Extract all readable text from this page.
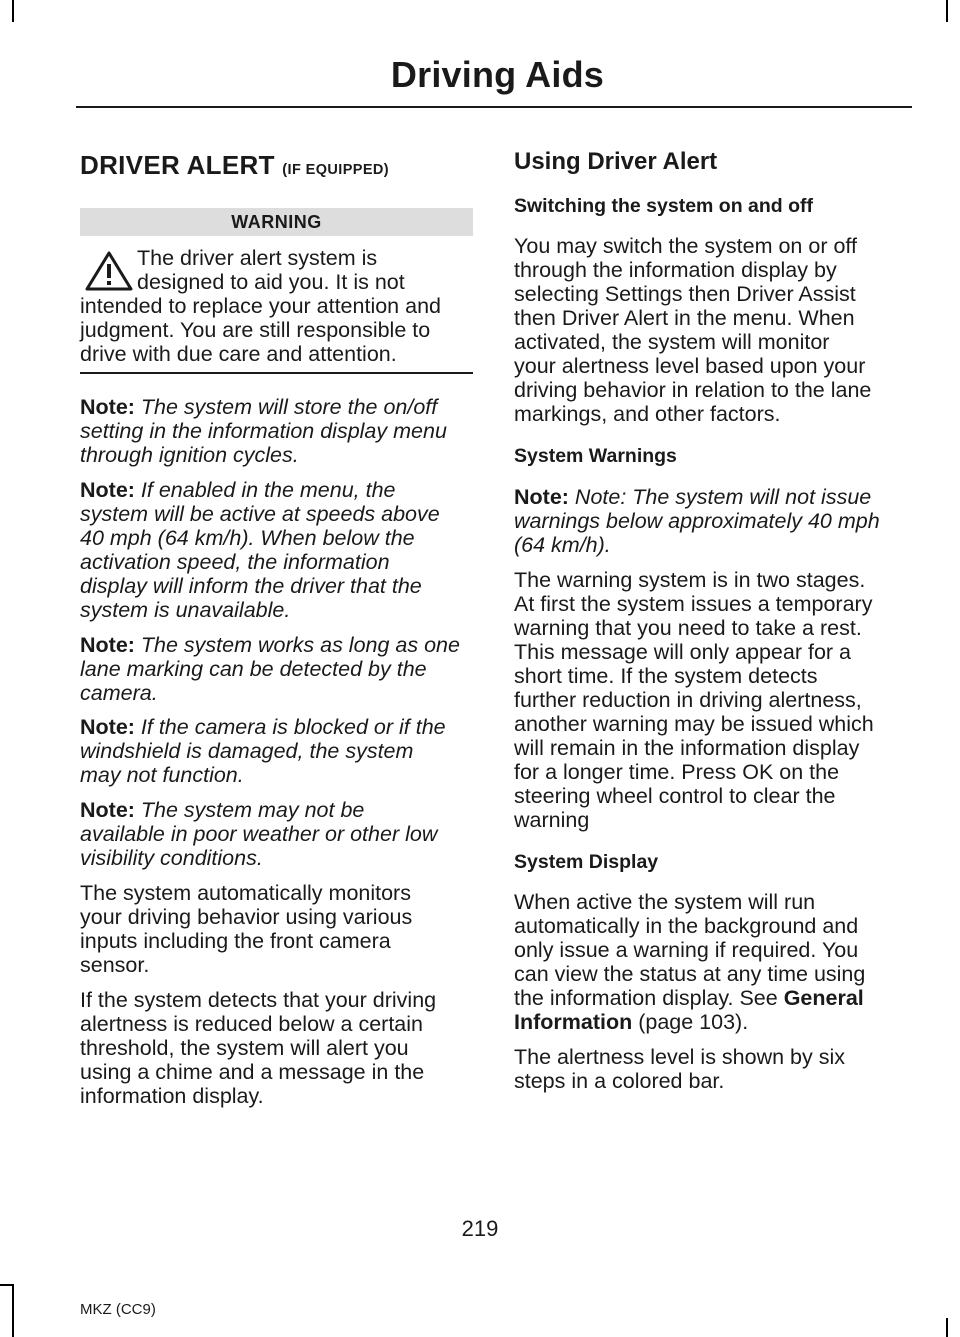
Driving Aids
DRIVER ALERT (IF EQUIPPED)
WARNING

The driver alert system is

designed to aid you. It is not

intended to replace your attention and

judgment. You are still responsible to

drive with due care and attention.

Note: The system will store the on/off

setting in the information display menu

through ignition cycles.

Note: If enabled in the menu, the

system will be active at speeds above

40 mph (64 km/h). When below the

activation speed, the information

display will inform the driver that the

system is unavailable.

Note: The system works as long as one

lane marking can be detected by the

camera.

Note: If the camera is blocked or if the

windshield is damaged, the system

may not function.

Note: The system may not be

available in poor weather or other low

visibility conditions.

The system automatically monitors

your driving behavior using various

inputs including the front camera

sensor.

If the system detects that your driving

alertness is reduced below a certain

threshold, the system will alert you

using a chime and a message in the

information display.

Using Driver Alert
Switching the system on and off

You may switch the system on or off

through the information display by

selecting Settings then Driver Assist

then Driver Alert in the menu. When

activated, the system will monitor

your alertness level based upon your

driving behavior in relation to the lane

markings, and other factors.

System Warnings

Note: Note: The system will not issue

warnings below approximately 40 mph

(64 km/h).

The warning system is in two stages.

At first the system issues a temporary

warning that you need to take a rest.

This message will only appear for a

short time. If the system detects

further reduction in driving alertness,

another warning may be issued which

will remain in the information display

for a longer time. Press OK on the

steering wheel control to clear the

warning

System Display

When active the system will run

automatically in the background and

only issue a warning if required. You

can view the status at any time using

the information display. See General

Information (page 103).

The alertness level is shown by six

steps in a colored bar.

219
MKZ (CC9)
